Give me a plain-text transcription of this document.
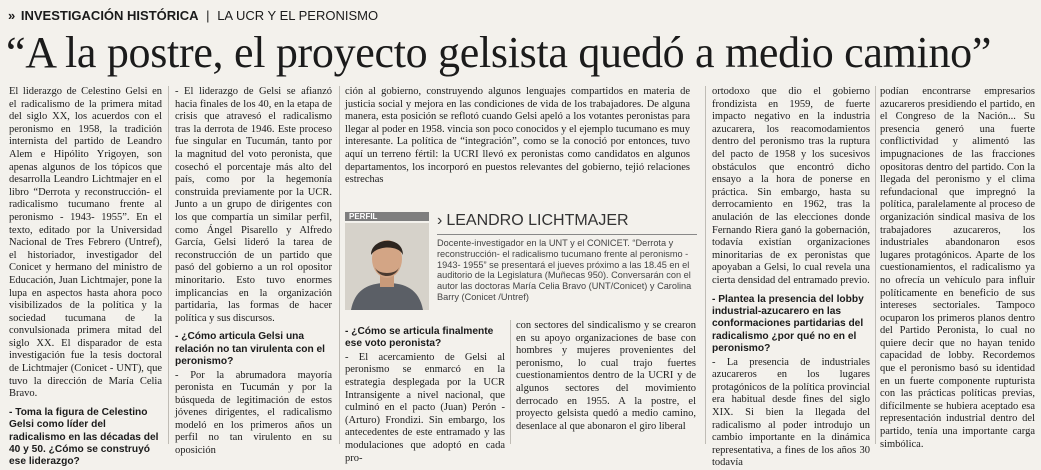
» INVESTIGACIÓN HISTÓRICA | LA UCR Y EL PERONISMO
“A la postre, el proyecto gelsista quedó a medio camino”

El liderazgo de Celestino Gelsi en el radicalismo de la primera mitad del siglo XX, los acuerdos con el peronismo en 1958, la tradición internista del partido de Leandro Alem e Hipólito Yrigoyen, son apenas algunos de los tópicos que desarrolla Leandro Lichtmajer en el libro “Derrota y reconstrucción- el radicalismo tucumano frente al peronismo - 1943- 1955”. En el texto, editado por la Universidad Nacional de Tres Febrero (Untref), el historiador, investigador del Conicet y hermano del ministro de Educación, Juan Lichtmajer, pone la lupa en aspectos hasta ahora poco visibilizados de la política y la sociedad tucumana de la convulsionada primera mitad del siglo XX. El disparador de esta investigación fue la tesis doctoral de Lichtmajer (Conicet - UNT), que tuvo la dirección de María Celia Bravo.

- Toma la figura de Celestino Gelsi como líder del radicalismo en las décadas del 40 y 50. ¿Cómo se construyó ese liderazgo?

- El liderazgo de Gelsi se afianzó hacia finales de los 40, en la etapa de crisis que atravesó el radicalismo tras la derrota de 1946. Este proceso fue singular en Tucumán, tanto por la magnitud del voto peronista, que cosechó el porcentaje más alto del país, como por la hegemonía construida previamente por la UCR. Junto a un grupo de dirigentes con los que compartía un similar perfil, como Ángel Pisarello y Alfredo García, Gelsi lideró la tarea de reconstrucción de un partido que pasó del gobierno a un rol opositor minoritario. Esto tuvo enormes implicancias en la organización partidaria, las formas de hacer política y sus discursos.

- ¿Cómo articula Gelsi una relación no tan virulenta con el peronismo?

- Por la abrumadora mayoría peronista en Tucumán y por la búsqueda de legitimación de estos jóvenes dirigentes, el radicalismo modeló en los primeros años un perfil no tan virulento en su oposición

ción al gobierno, construyendo algunos lenguajes compartidos en materia de justicia social y mejora en las condiciones de vida de los trabajadores. De alguna manera, esta posición se reflotó cuando Gelsi apeló a los votantes peronistas para llegar al poder en 1958. vincia son poco conocidos y el ejemplo tucumano es muy interesante. La política de “integración”, como se la conoció por entonces, tuvo aquí un terreno fértil: la UCRI llevó ex peronistas como candidatos en algunos departamentos, los incorporó en puestos relevantes del gobierno, tejió relaciones estrechas

- ¿Cómo se articula finalmente ese voto peronista?

- El acercamiento de Gelsi al peronismo se enmarcó en la estrategia desplegada por la UCR Intransigente a nivel nacional, que culminó en el pacto (Juan) Perón - (Arturo) Frondizi. Sin embargo, los antecedentes de este entramado y las modulaciones que adoptó en cada pro-

con sectores del sindicalismo y se crearon en su apoyo organizaciones de base con hombres y mujeres provenientes del peronismo, lo cual trajo fuertes cuestionamientos dentro de la UCRI y de algunos sectores del movimiento derrocado en 1955. A la postre, el proyecto gelsista quedó a medio camino, desenlace al que abonaron el giro liberal

ortodoxo que dio el gobierno frondizista en 1959, de fuerte impacto negativo en la industria azucarera, los reacomodamientos dentro del peronismo tras la ruptura del pacto de 1958 y los sucesivos obstáculos que encontró dicho ensayo a la hora de ponerse en práctica. Sin embargo, hasta su derrocamiento en 1962, tras la anulación de las elecciones donde Fernando Riera ganó la gobernación, todavía existían organizaciones minoritarias de ex peronistas que apoyaban a Gelsi, lo cual revela una cierta densidad del entramado previo.

- Plantea la presencia del lobby industrial-azucarero en las conformaciones partidarias del radicalismo ¿por qué no en el peronismo?

- La presencia de industriales azucareros en los lugares protagónicos de la política provincial era habitual desde fines del siglo XIX. Si bien la llegada del radicalismo al poder introdujo un cambio importante en la dinámica representativa, a fines de los años 30 todavía

podían encontrarse empresarios azucareros presidiendo el partido, en el Congreso de la Nación... Su presencia generó una fuerte conflictividad y alimentó las impugnaciones de las fracciones opositoras dentro del partido. Con la llegada del peronismo y el clima refundacional que impregnó la política, paralelamente al proceso de organización sindical masiva de los trabajadores azucareros, los industriales abandonaron esos lugares protagónicos. Aparte de los cuestionamientos, el radicalismo ya no ofrecía un vehículo para influir políticamente en beneficio de sus intereses sectoriales. Tampoco ocuparon los primeros planos dentro del Partido Peronista, lo cual no quiere decir que no hayan tenido capacidad de lobby. Recordemos que el peronismo basó su identidad en un fuerte componente rupturista con las prácticas políticas previas, difícilmente se hubiera aceptado esa representación industrial dentro del partido, tenía una importante carga simbólica.

PERFIL	› LEANDRO LICHTMAJER
Docente-investigador en la UNT y el CONICET. “Derrota y reconstrucción- el radicalismo tucumano frente al peronismo - 1943- 1955” se presentará el jueves próximo a las 18.45 en el auditorio de la Legislatura (Muñecas 950). Conversarán con el autor las doctoras María Celia Bravo (UNT/Conicet) y Carolina Barry (Conicet /Untref)
